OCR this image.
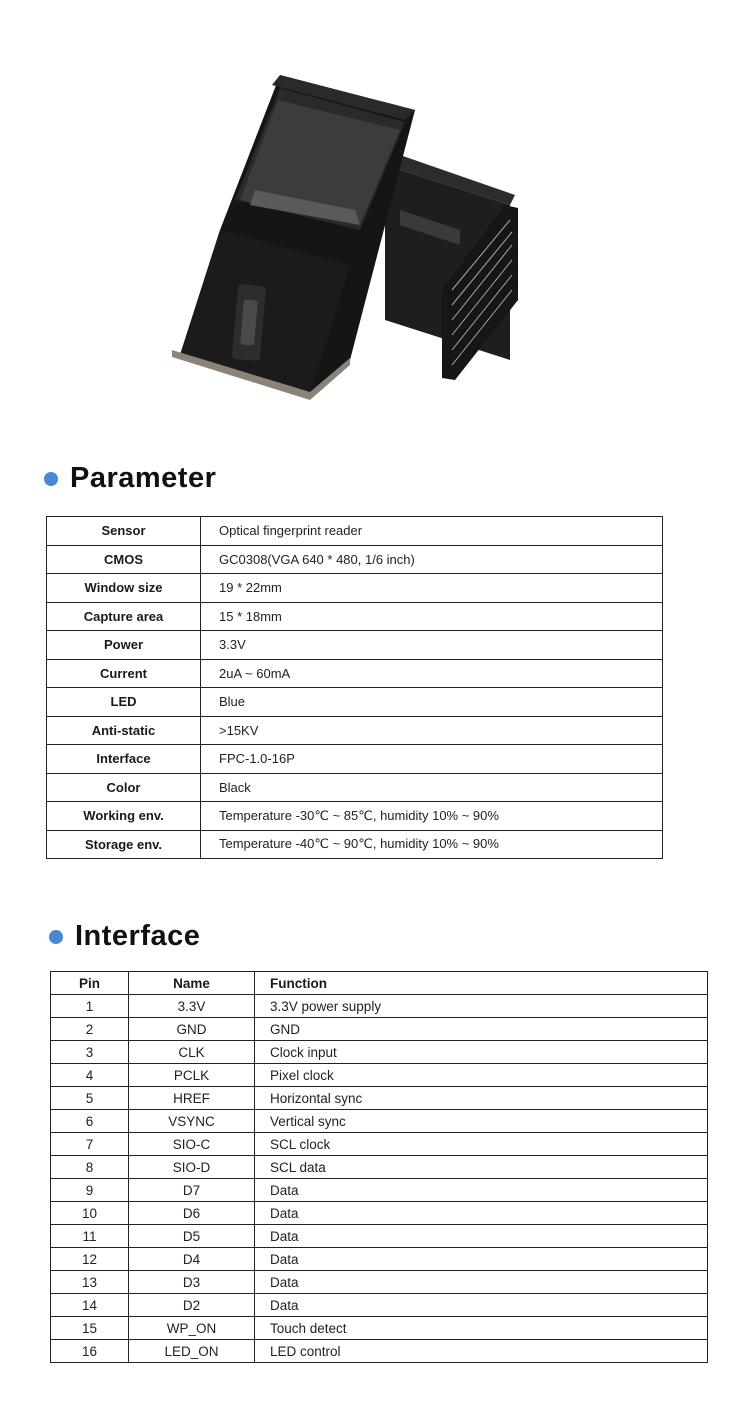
Parameter
Sensor	Optical fingerprint reader
CMOS	GC0308(VGA 640 * 480, 1/6 inch)
Window size	19 * 22mm
Capture area	15 * 18mm
Power	3.3V
Current	2uA ~ 60mA
LED	Blue
Anti-static	>15KV
Interface	FPC-1.0-16P
Color	Black
Working env.	Temperature -30℃ ~ 85℃, humidity 10% ~ 90%
Storage env.	Temperature -40℃ ~ 90℃, humidity 10% ~ 90%
Interface
Pin	Name	Function
1	3.3V	3.3V power supply
2	GND	GND
3	CLK	Clock input
4	PCLK	Pixel clock
5	HREF	Horizontal sync
6	VSYNC	Vertical sync
7	SIO-C	SCL clock
8	SIO-D	SCL data
9	D7	Data
10	D6	Data
11	D5	Data
12	D4	Data
13	D3	Data
14	D2	Data
15	WP_ON	Touch detect
16	LED_ON	LED control
